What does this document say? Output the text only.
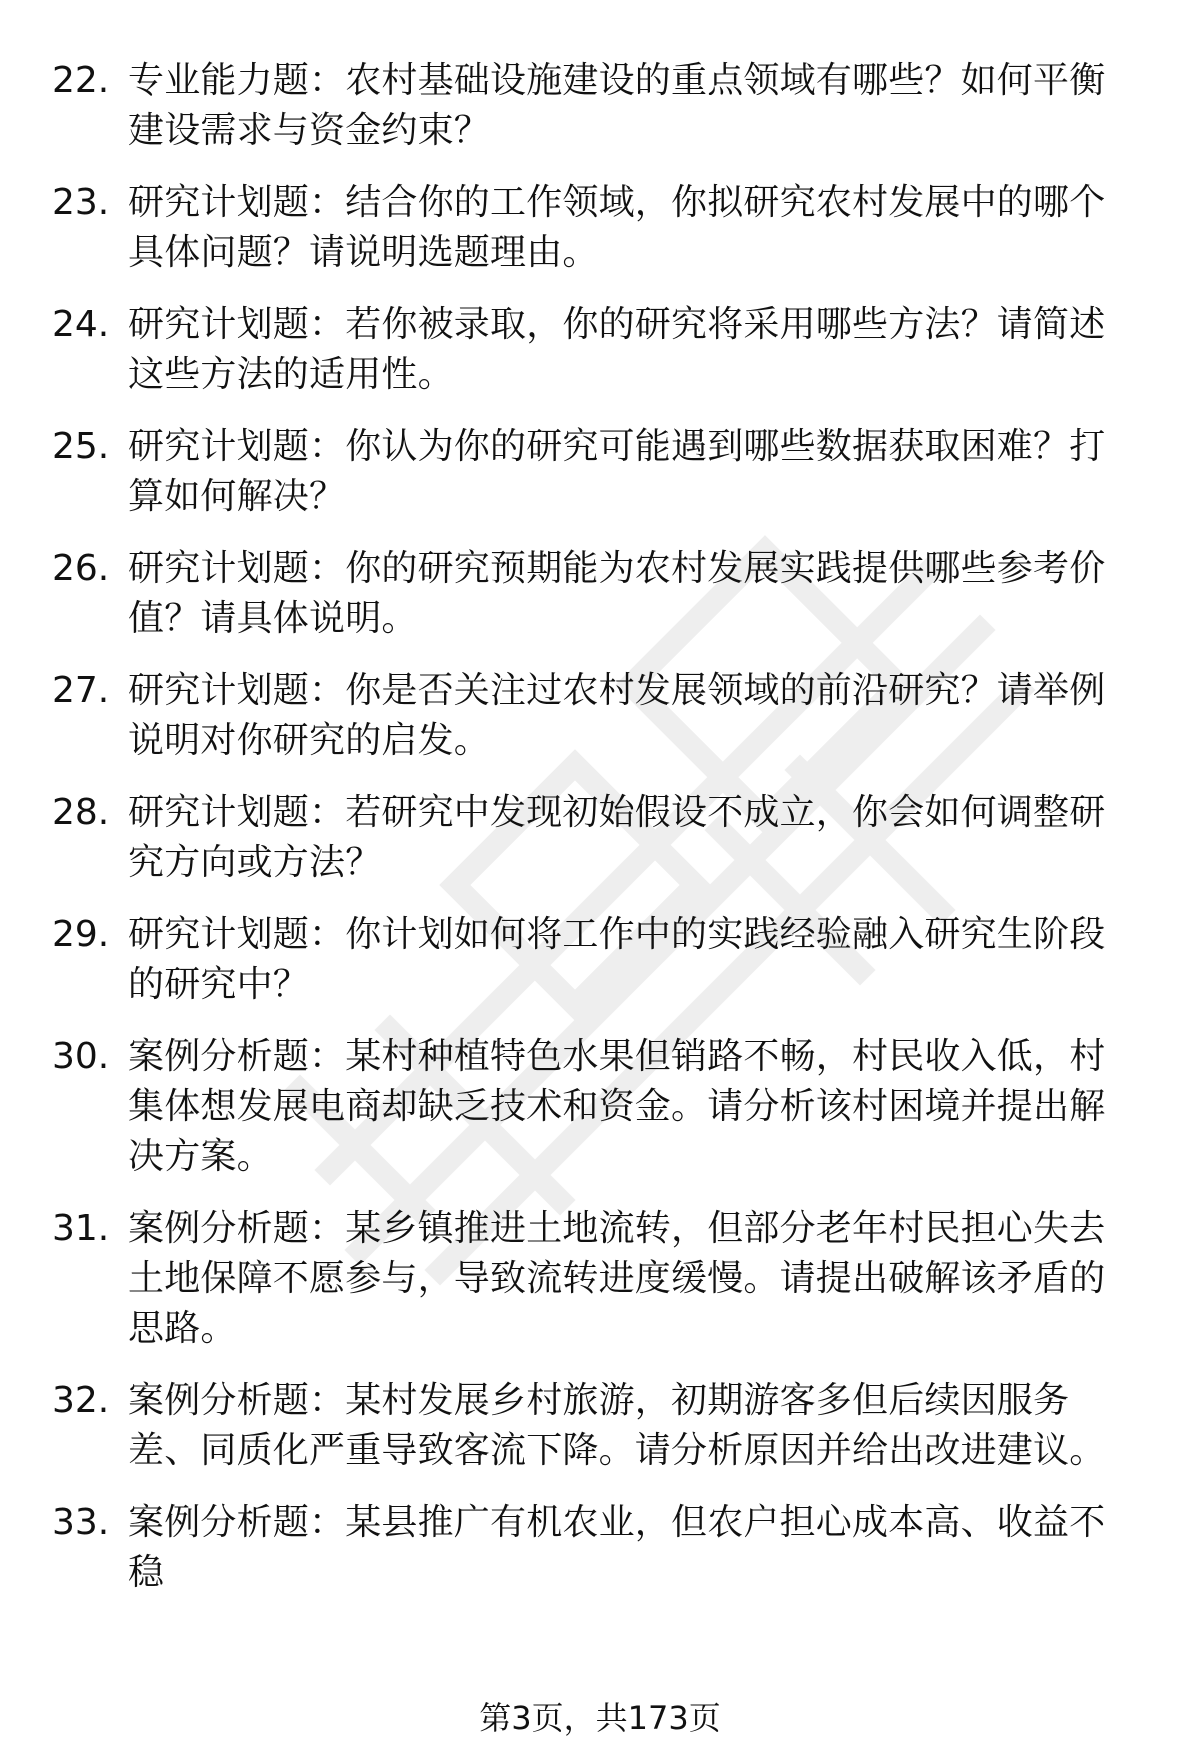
22. 专业能力题：农村基础设施建设的重点领域有哪些？如何平衡建设需求与资金约束？
23. 研究计划题：结合你的工作领域，你拟研究农村发展中的哪个具体问题？请说明选题理由。
24. 研究计划题：若你被录取，你的研究将采用哪些方法？请简述这些方法的适用性。
25. 研究计划题：你认为你的研究可能遇到哪些数据获取困难？打算如何解决？
26. 研究计划题：你的研究预期能为农村发展实践提供哪些参考价值？请具体说明。
27. 研究计划题：你是否关注过农村发展领域的前沿研究？请举例说明对你研究的启发。
28. 研究计划题：若研究中发现初始假设不成立，你会如何调整研究方向或方法？
29. 研究计划题：你计划如何将工作中的实践经验融入研究生阶段的研究中？
30. 案例分析题：某村种植特色水果但销路不畅，村民收入低，村集体想发展电商却缺乏技术和资金。请分析该村困境并提出解决方案。
31. 案例分析题：某乡镇推进土地流转，但部分老年村民担心失去土地保障不愿参与，导致流转进度缓慢。请提出破解该矛盾的思路。
32. 案例分析题：某村发展乡村旅游，初期游客多但后续因服务差、同质化严重导致客流下降。请分析原因并给出改进建议。
33. 案例分析题：某县推广有机农业，但农户担心成本高、收益不稳
第3页，共173页
